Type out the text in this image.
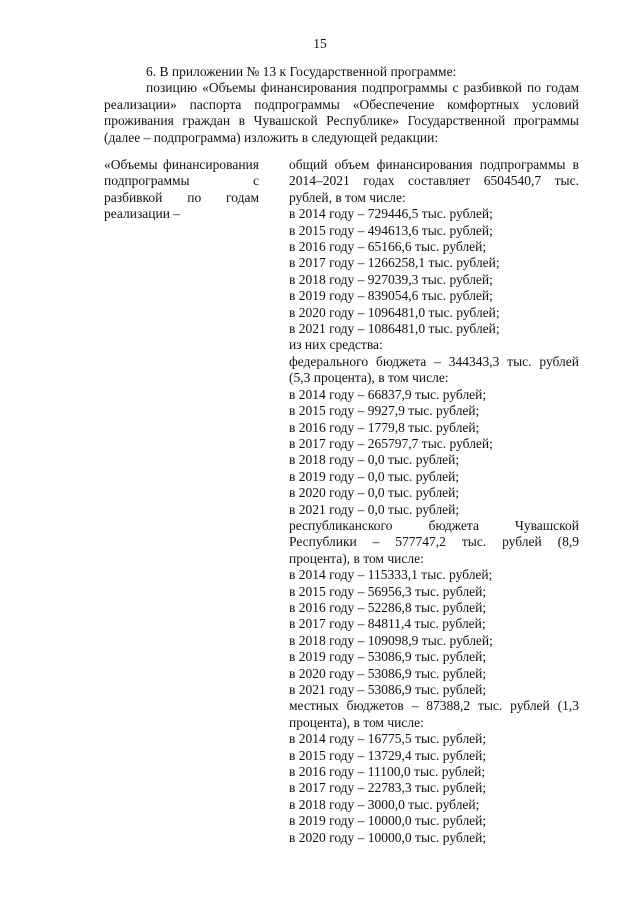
15

6. В приложении № 13 к Государственной программе:

позицию «Объемы финансирования подпрограммы с разбивкой по годам реализации» паспорта подпрограммы «Обеспечение комфортных условий проживания граждан в Чувашской Республике» Государственной программы (далее – подпрограмма) изложить в следующей редакции:

«Объемы финансирования подпрограммы с разбивкой по годам реализации –
общий объем финансирования подпрограммы в 2014–2021 годах составляет 6504540,7 тыс. рублей, в том числе:
в 2014 году – 729446,5 тыс. рублей;
в 2015 году – 494613,6 тыс. рублей;
в 2016 году – 65166,6 тыс. рублей;
в 2017 году – 1266258,1 тыс. рублей;
в 2018 году – 927039,3 тыс. рублей;
в 2019 году – 839054,6 тыс. рублей;
в 2020 году – 1096481,0 тыс. рублей;
в 2021 году – 1086481,0 тыс. рублей;
из них средства:
федерального бюджета – 344343,3 тыс. рублей (5,3 процента), в том числе:
в 2014 году – 66837,9 тыс. рублей;
в 2015 году – 9927,9 тыс. рублей;
в 2016 году – 1779,8 тыс. рублей;
в 2017 году – 265797,7 тыс. рублей;
в 2018 году – 0,0 тыс. рублей;
в 2019 году – 0,0 тыс. рублей;
в 2020 году – 0,0 тыс. рублей;
в 2021 году – 0,0 тыс. рублей;
республиканского бюджета Чувашской Республики – 577747,2 тыс. рублей (8,9 процента), в том числе:
в 2014 году – 115333,1 тыс. рублей;
в 2015 году – 56956,3 тыс. рублей;
в 2016 году – 52286,8 тыс. рублей;
в 2017 году – 84811,4 тыс. рублей;
в 2018 году – 109098,9 тыс. рублей;
в 2019 году – 53086,9 тыс. рублей;
в 2020 году – 53086,9 тыс. рублей;
в 2021 году – 53086,9 тыс. рублей;
местных бюджетов – 87388,2 тыс. рублей (1,3 процента), в том числе:
в 2014 году – 16775,5 тыс. рублей;
в 2015 году – 13729,4 тыс. рублей;
в 2016 году – 11100,0 тыс. рублей;
в 2017 году – 22783,3 тыс. рублей;
в 2018 году – 3000,0 тыс. рублей;
в 2019 году – 10000,0 тыс. рублей;
в 2020 году – 10000,0 тыс. рублей;
